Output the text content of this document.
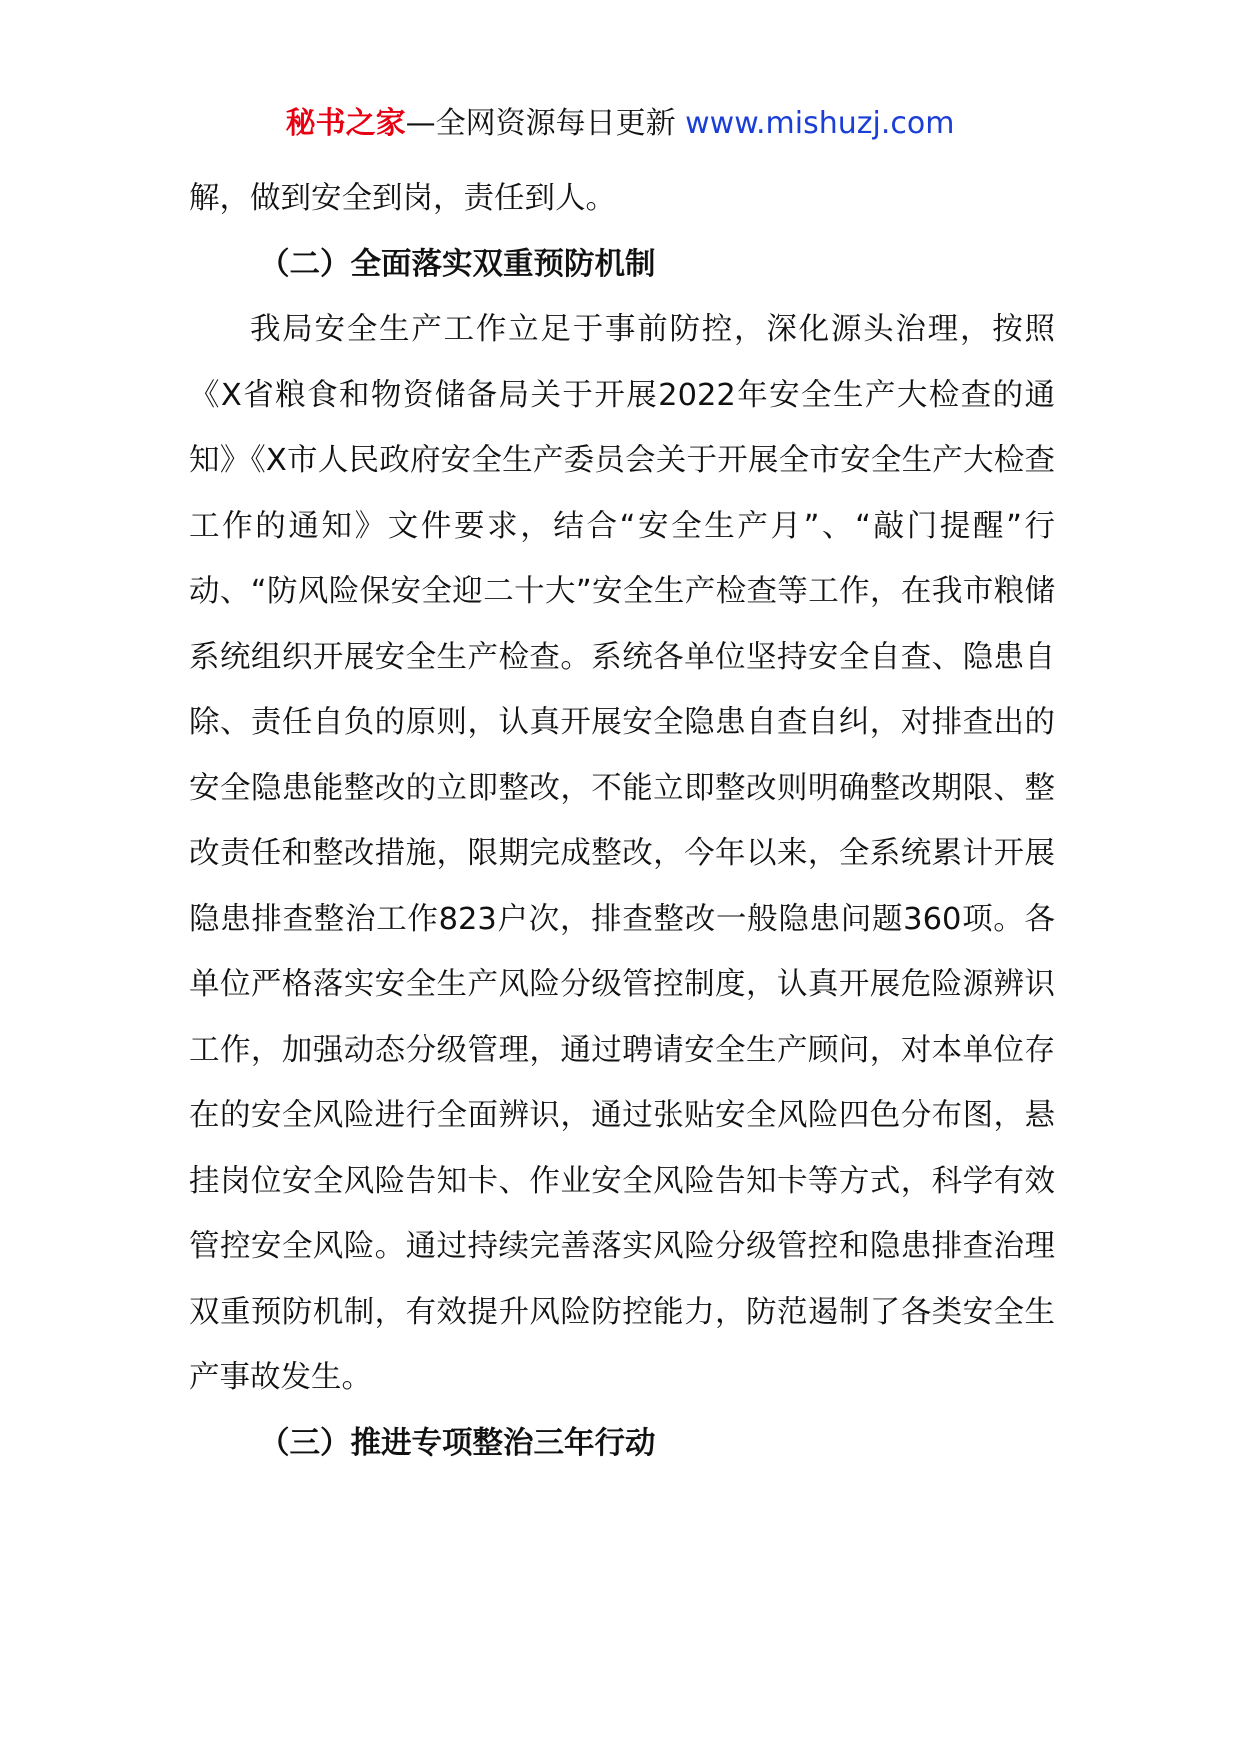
秘书之家—全网资源每日更新 www.mishuzj.com

解，做到安全到岗，责任到人。

（二）全面落实双重预防机制

我局安全生产工作立足于事前防控，深化源头治理，按照《X省粮食和物资储备局关于开展2022年安全生产大检查的通知》《X市人民政府安全生产委员会关于开展全市安全生产大检查工作的通知》文件要求，结合“安全生产月”、“敲门提醒”行动、“防风险保安全迎二十大”安全生产检查等工作，在我市粮储系统组织开展安全生产检查。系统各单位坚持安全自查、隐患自除、责任自负的原则，认真开展安全隐患自查自纠，对排查出的安全隐患能整改的立即整改，不能立即整改则明确整改期限、整改责任和整改措施，限期完成整改，今年以来，全系统累计开展隐患排查整治工作823户次，排查整改一般隐患问题360项。各单位严格落实安全生产风险分级管控制度，认真开展危险源辨识工作，加强动态分级管理，通过聘请安全生产顾问，对本单位存在的安全风险进行全面辨识，通过张贴安全风险四色分布图，悬挂岗位安全风险告知卡、作业安全风险告知卡等方式，科学有效管控安全风险。通过持续完善落实风险分级管控和隐患排查治理双重预防机制，有效提升风险防控能力，防范遏制了各类安全生产事故发生。

（三）推进专项整治三年行动
